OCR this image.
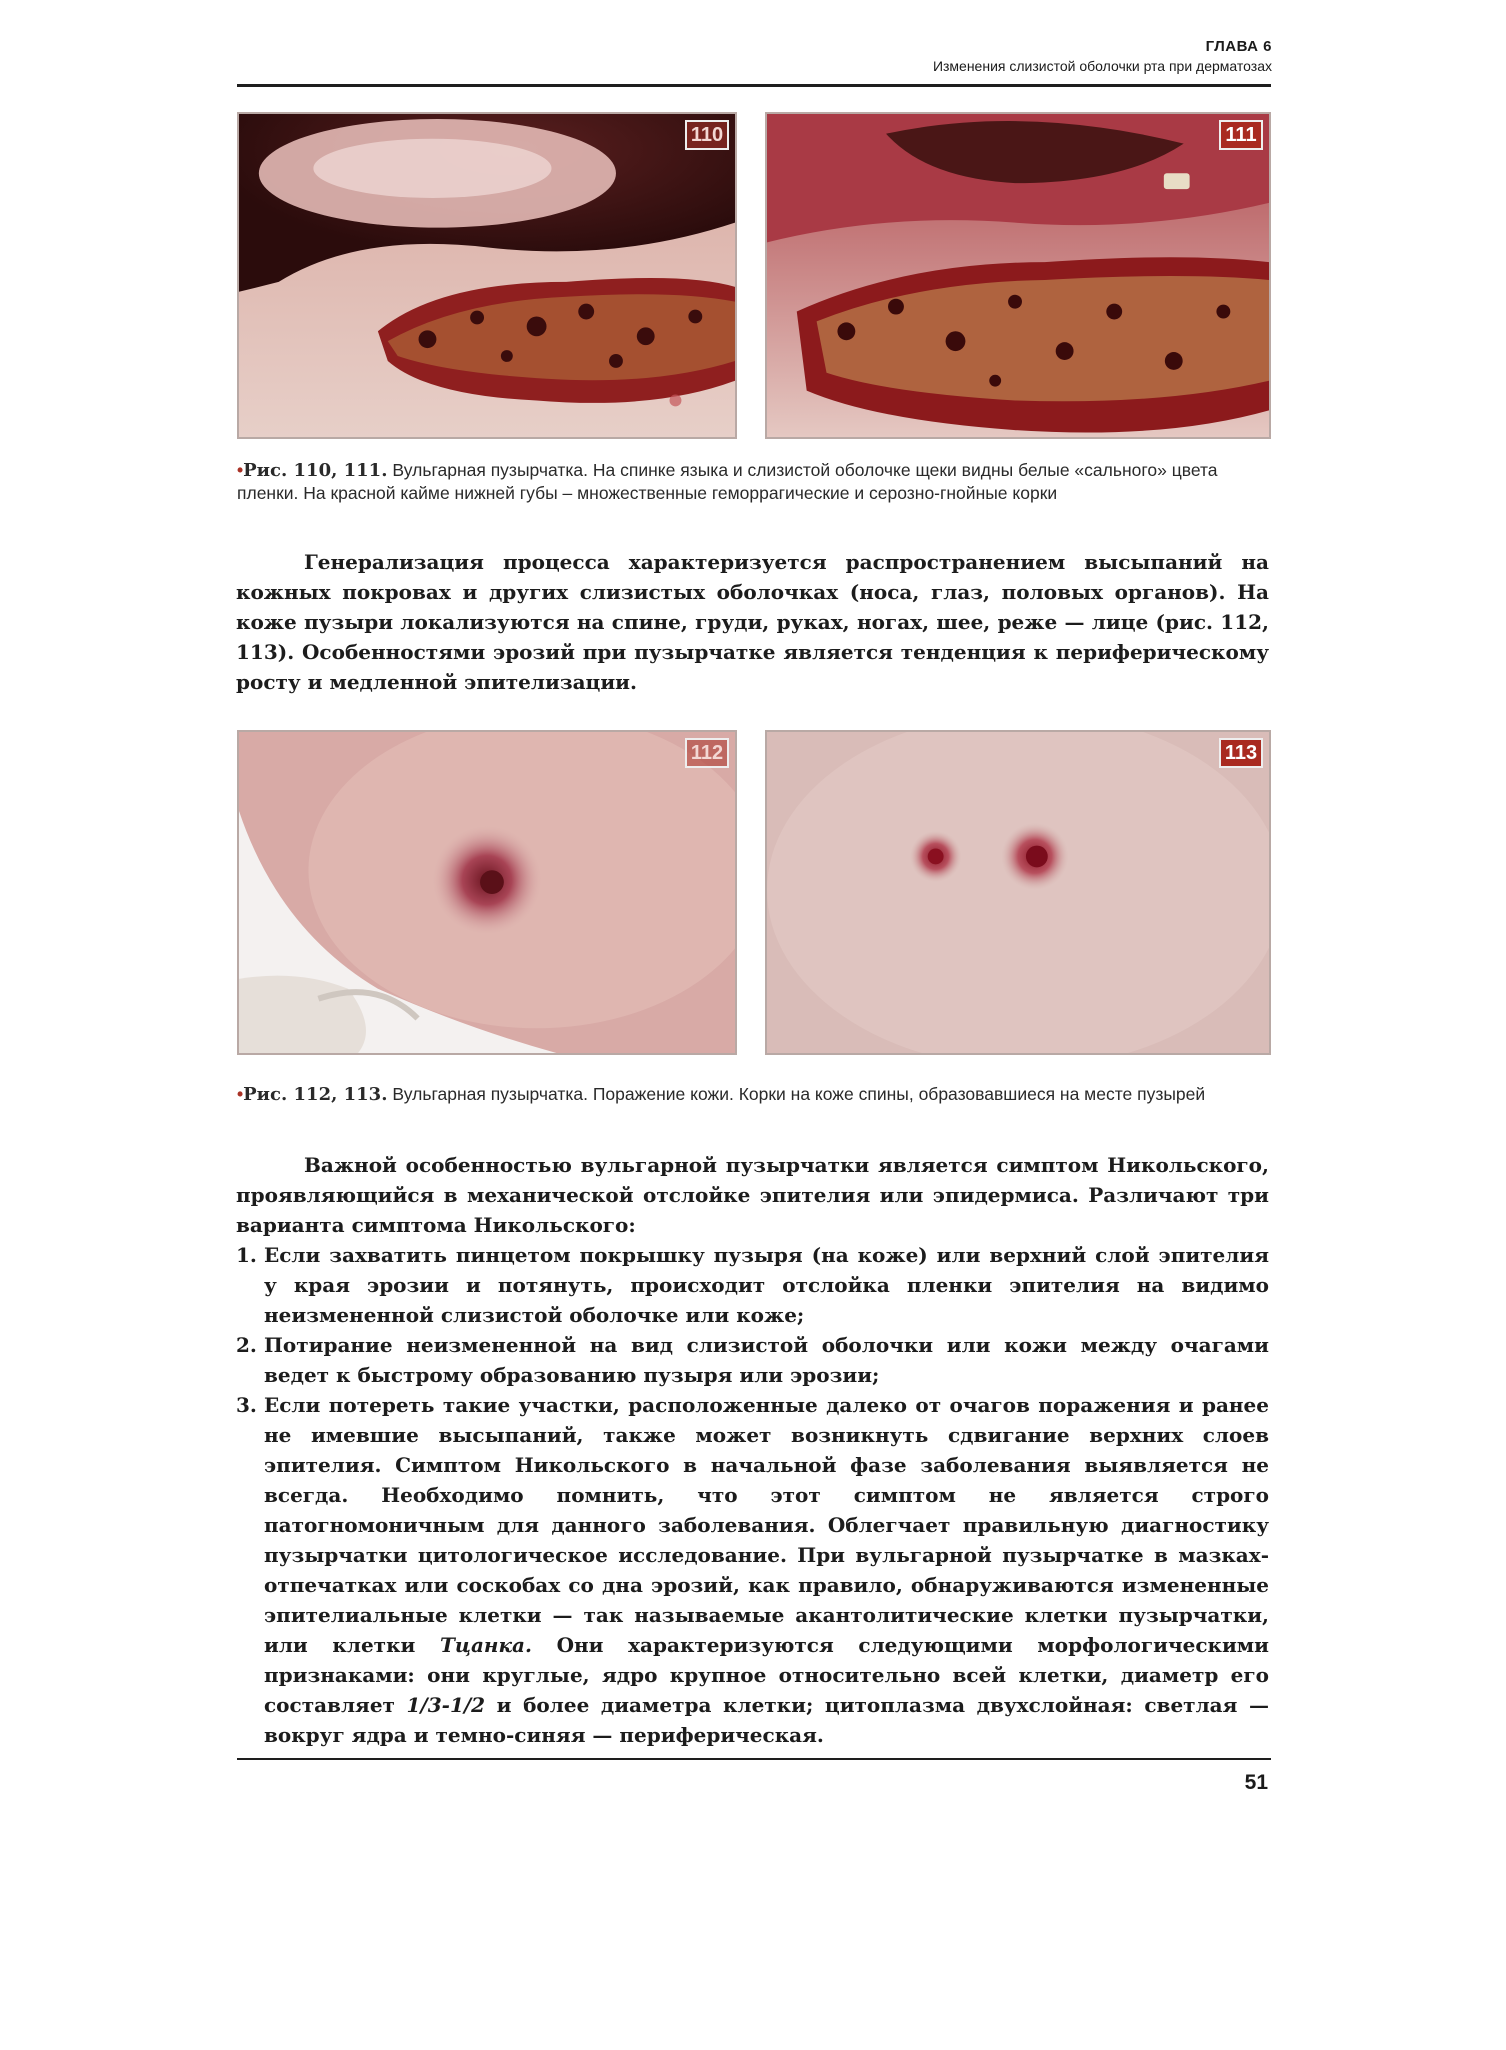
ГЛАВА 6
Изменения слизистой оболочки рта при дерматозах
110	111
•Рис. 110, 111. Вульгарная пузырчатка. На спинке языка и слизистой оболочке щеки видны белые «сального» цвета пленки. На красной кайме нижней губы – множественные геморрагические и серозно-гнойные корки

Генерализация процесса характеризуется распространением высыпаний на кожных покровах и других слизистых оболочках (носа, глаз, половых органов). На коже пузыри локализуются на спине, груди, руках, ногах, шее, реже — лице (рис. 112, 113). Особенностями эрозий при пузырчатке является тенденция к периферическому росту и медленной эпителизации.

112	113
•Рис. 112, 113. Вульгарная пузырчатка. Поражение кожи. Корки на коже спины, образовавшиеся на месте пузырей

Важной особенностью вульгарной пузырчатки является симптом Никольского, проявляющийся в механической отслойке эпителия или эпидермиса. Различают три варианта симптома Никольского:

1. Если захватить пинцетом покрышку пузыря (на коже) или верхний слой эпителия у края эрозии и потянуть, происходит отслойка пленки эпителия на видимо неизмененной слизистой оболочке или коже;
2. Потирание неизмененной на вид слизистой оболочки или кожи между очагами ведет к быстрому образованию пузыря или эрозии;
3. Если потереть такие участки, расположенные далеко от очагов поражения и ранее не имевшие высыпаний, также может возникнуть сдвигание верхних слоев эпителия. Симптом Никольского в начальной фазе заболевания выявляется не всегда. Необходимо помнить, что этот симптом не является строго патогномоничным для данного заболевания. Облегчает правильную диагностику пузырчатки цитологическое исследование. При вульгарной пузырчатке в мазках-отпечатках или соскобах со дна эрозий, как правило, обнаруживаются измененные эпителиальные клетки — так называемые акантолитические клетки пузырчатки, или клетки Тцанка. Они характеризуются следующими морфологическими признаками: они круглые, ядро крупное относительно всей клетки, диаметр его составляет 1/3-1/2 и более диаметра клетки; цитоплазма двухслойная: светлая — вокруг ядра и темно-синяя — периферическая.
51
